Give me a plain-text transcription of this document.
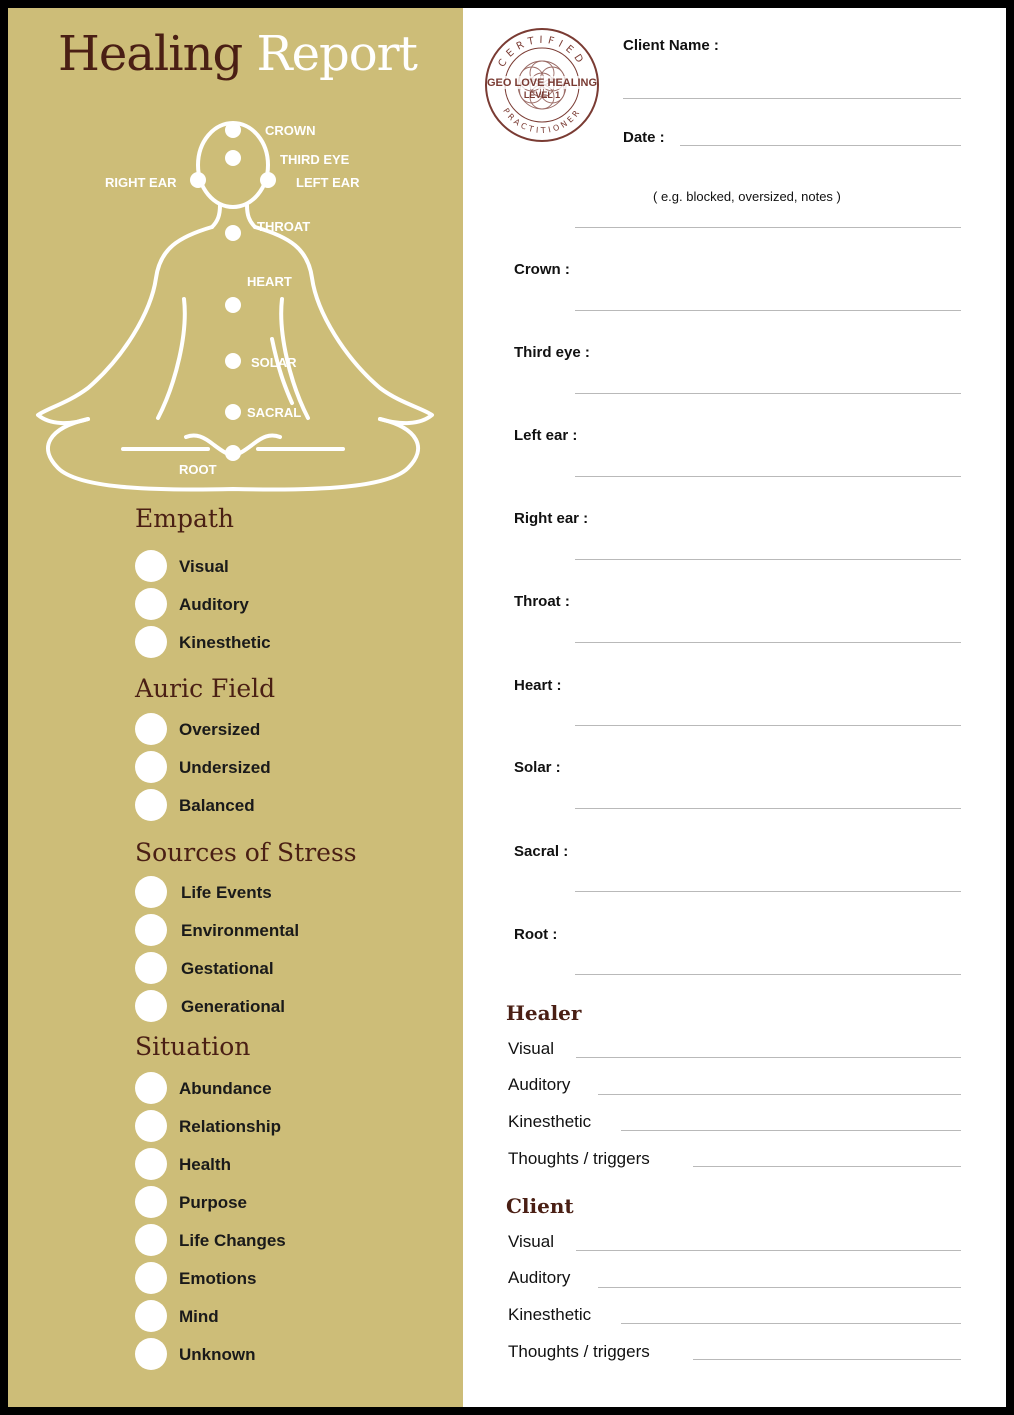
Healing Report
CROWN
THIRD EYE
RIGHT EAR	LEFT EAR
THROAT
HEART
SOLAR
SACRAL
ROOT
Empath
Visual
Auditory
Kinesthetic
Auric Field
Oversized
Undersized
Balanced
Sources of Stress
Life Events
Environmental
Gestational
Generational
Situation
Abundance
Relationship
Health
Purpose
Life Changes
Emotions
Mind
Unknown
CERTIFIED
PRACTITIONER
GEO LOVE HEALING
LEVEL 1
Client Name :
Date :
( e.g. blocked, oversized, notes )
Crown :
Third eye :
Left ear :
Right ear :
Throat :
Heart :
Solar :
Sacral :
Root :
Healer
Visual
Auditory
Kinesthetic
Thoughts / triggers
Client
Visual
Auditory
Kinesthetic
Thoughts / triggers
